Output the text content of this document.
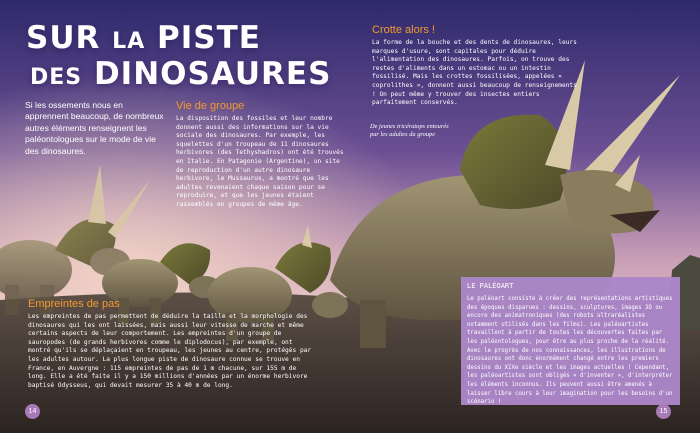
SUR LA PISTE
DES DINOSAURES
Si les ossements nous en apprennent beaucoup, de nombreux autres éléments renseignent les paléontologues sur le mode de vie des dinosaures.
Vie de groupe
La disposition des fossiles et leur nombre donnent aussi des informations sur la vie sociale des dinosaures. Par exemple, les squelettes d'un troupeau de 11 dinosaures herbivores (des Tethyshadros) ont été trouvés en Italie. En Patagonie (Argentine), un site de reproduction d'un autre dinosaure herbivore, le Mussaurus, a montré que les adultes revenaient chaque saison pour se reproduire, et que les jeunes étaient rassemblés en groupes de même âge.
Crotte alors !
La forme de la bouche et des dents de dinosaures, leurs marques d'usure, sont capitales pour déduire l'alimentation des dinosaures. Parfois, on trouve des restes d'aliments dans un estomac ou un intestin fossilisé. Mais les crottes fossilisées, appelées « coprolithes », donnent aussi beaucoup de renseignements ! On peut même y trouver des insectes entiers parfaitement conservés.
De jeunes tricératops entourés par les adultes du groupe
Empreintes de pas
Les empreintes de pas permettent de déduire la taille et la morphologie des dinosaures qui les ont laissées, mais aussi leur vitesse de marche et même certains aspects de leur comportement. Les empreintes d'un groupe de sauropodes (de grands herbivores comme le diplodocus), par exemple, ont montré qu'ils se déplaçaient en troupeau, les jeunes au centre, protégés par les adultes autour. La plus longue piste de dinosaure connue se trouve en France, en Auvergne : 115 empreintes de pas de 1 m chacune, sur 155 m de long. Elle a été faite il y a 150 millions d'années par un énorme herbivore baptisé Odysseus, qui devait mesurer 35 à 40 m de long.
LE PALÉOART
Le paléoart consiste à créer des représentations artistiques des époques disparues : dessins, sculptures, images 3D ou encore des animatroniques (des robots ultraréalistes notamment utilisés dans les films). Les paléoartistes travaillent à partir de toutes les découvertes faites par les paléontologues, pour être au plus proche de la réalité. Avec le progrès de nos connaissances, les illustrations de dinosaures ont donc énormément changé entre les premiers dessins du XIXe siècle et les images actuelles ! Cependant, les paléoartistes sont obligés « d'inventer », d'interpréter les éléments inconnus. Ils peuvent aussi être amenés à laisser libre cours à leur imagination pour les besoins d'un scénario !
14	15
